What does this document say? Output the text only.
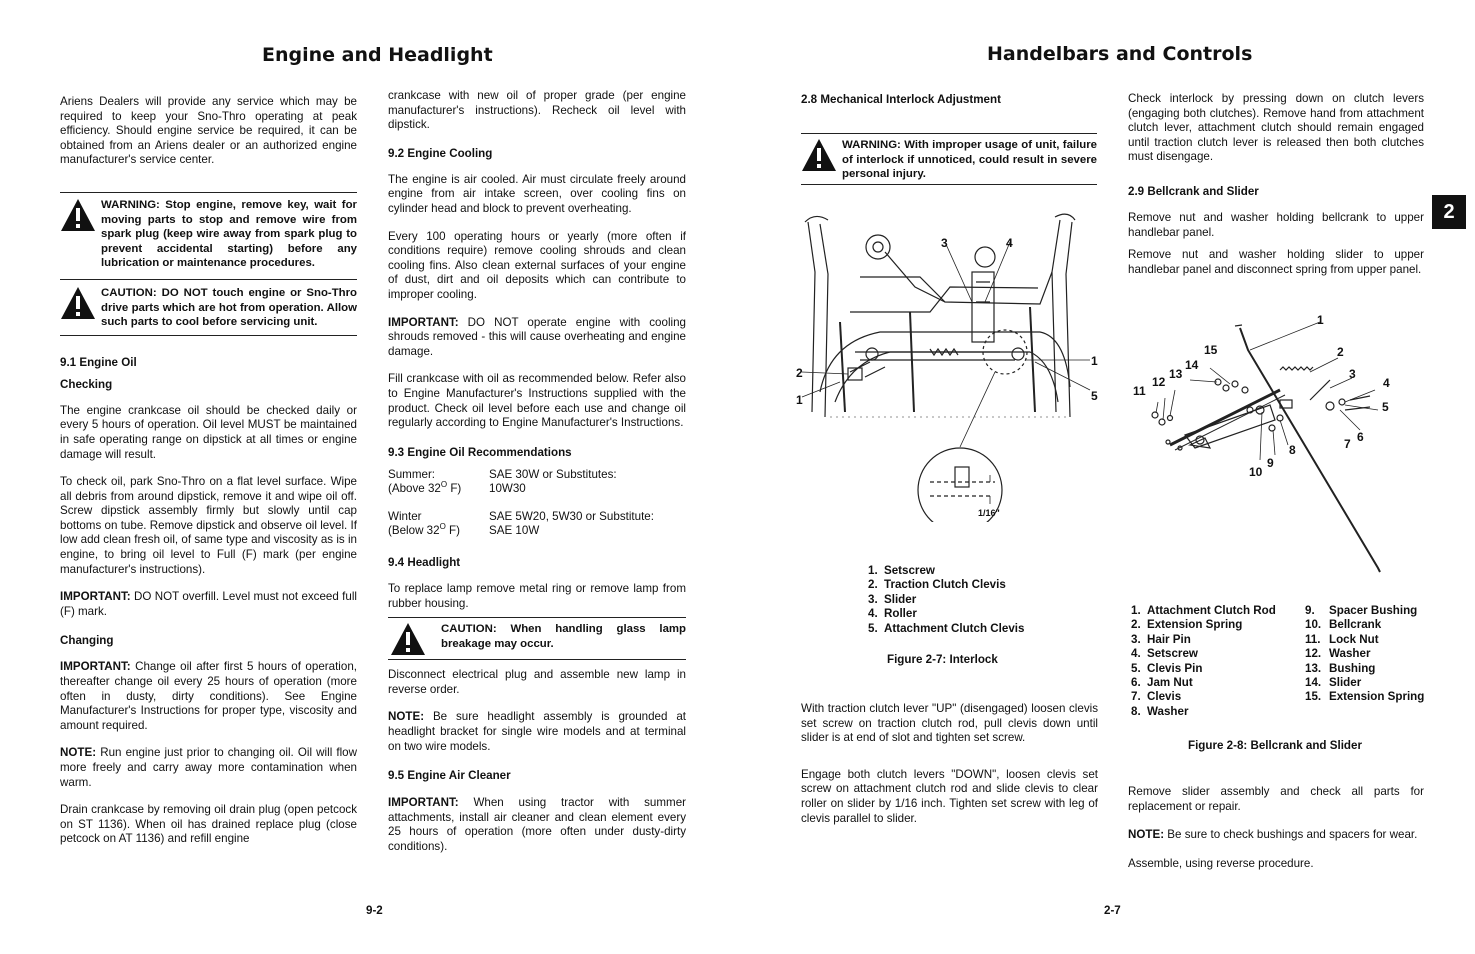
Engine and Headlight

Ariens Dealers will provide any service which may be required to keep your Sno-Thro operating at peak efficiency. Should engine service be required, it can be obtained from an Ariens dealer or an authorized engine manufacturer's service center.

WARNING: Stop engine, remove key, wait for moving parts to stop and remove wire from spark plug (keep wire away from spark plug to prevent accidental starting) before any lubrication or maintenance procedures.

CAUTION: DO NOT touch engine or Sno-Thro drive parts which are hot from operation. Allow such parts to cool before servicing unit.

9.1 Engine Oil

Checking

The engine crankcase oil should be checked daily or every 5 hours of operation. Oil level MUST be maintained in safe operating range on dipstick at all times or engine damage will result.

To check oil, park Sno-Thro on a flat level surface. Wipe all debris from around dipstick, remove it and wipe oil off. Screw dipstick assembly firmly but slowly until cap bottoms on tube. Remove dipstick and observe oil level. If low add clean fresh oil, of same type and viscosity as is in engine, to bring oil level to Full (F) mark (per engine manufacturer's instructions).

IMPORTANT: DO NOT overfill. Level must not exceed full (F) mark.

Changing

IMPORTANT: Change oil after first 5 hours of operation, thereafter change oil every 25 hours of operation (more often in dusty, dirty conditions). See Engine Manufacturer's Instructions for proper type, viscosity and amount required.

NOTE: Run engine just prior to changing oil. Oil will flow more freely and carry away more contamination when warm.

Drain crankcase by removing oil drain plug (open petcock on ST 1136). When oil has drained replace plug (close petcock on AT 1136) and refill engine

crankcase with new oil of proper grade (per engine manufacturer's instructions). Recheck oil level with dipstick.

9.2 Engine Cooling

The engine is air cooled. Air must circulate freely around engine from air intake screen, over cooling fins on cylinder head and block to prevent overheating.

Every 100 operating hours or yearly (more often if conditions require) remove cooling shrouds and clean cooling fins. Also clean external surfaces of your engine of dust, dirt and oil deposits which can contribute to improper cooling.

IMPORTANT: DO NOT operate engine with cooling shrouds removed - this will cause overheating and engine damage.

Fill crankcase with oil as recommended below. Refer also to Engine Manufacturer's Instructions supplied with the product. Check oil level before each use and change oil regularly according to Engine Manufacturer's Instructions.

9.3 Engine Oil Recommendations

Summer:	SAE 30W or Substitutes:
(Above $32^O$ F)	10W30
Winter	SAE 5W20, 5W30 or Substitute:
(Below $32^O$ F)	SAE 10W

9.4 Headlight

To replace lamp remove metal ring or remove lamp from rubber housing.

CAUTION: When handling glass lamp breakage may occur.

Disconnect electrical plug and assemble new lamp in reverse order.

NOTE: Be sure headlight assembly is grounded at headlight bracket for single wire models and at terminal on two wire models.

9.5 Engine Air Cleaner

IMPORTANT: When using tractor with summer attachments, install air cleaner and clean element every 25 hours of operation (more often under dusty-dirty conditions).

9-2
Handelbars and Controls

2.8 Mechanical Interlock Adjustment

WARNING: With improper usage of unit, failure of interlock if unnoticed, could result in severe personal injury.

3	4
2
1
1
5
1/16"
1. Setscrew
2. Traction Clutch Clevis
3. Slider
4. Roller
5. Attachment Clutch Clevis
Figure 2-7: Interlock

With traction clutch lever "UP" (disengaged) loosen clevis set screw on traction clutch rod, pull clevis down until slider is at end of slot and tighten set screw.

Engage both clutch levers "DOWN", loosen clevis set screw on attachment clutch rod and slide clevis to clear roller on slider by 1/16 inch. Tighten set screw with leg of clevis parallel to slider.

Check interlock by pressing down on clutch levers (engaging both clutches). Remove hand from attachment clutch lever, attachment clutch should remain engaged until traction clutch lever is released then both clutches must disengage.

2.9 Bellcrank and Slider

Remove nut and washer holding bellcrank to upper handlebar panel.

Remove nut and washer holding slider to upper handlebar panel and disconnect spring from upper panel.

2
1
2
3
4
5
6
7
8
9
10
11
12
13
14
15
1. Attachment Clutch Rod
2. Extension Spring
3. Hair Pin
4. Setscrew
5. Clevis Pin
6. Jam Nut
7. Clevis
8. Washer
9.	Spacer Bushing
10. Bellcrank
11. Lock Nut
12. Washer
13. Bushing
14. Slider
15. Extension Spring
Figure 2-8: Bellcrank and Slider

Remove slider assembly and check all parts for replacement or repair.

NOTE: Be sure to check bushings and spacers for wear.

Assemble, using reverse procedure.

2-7
